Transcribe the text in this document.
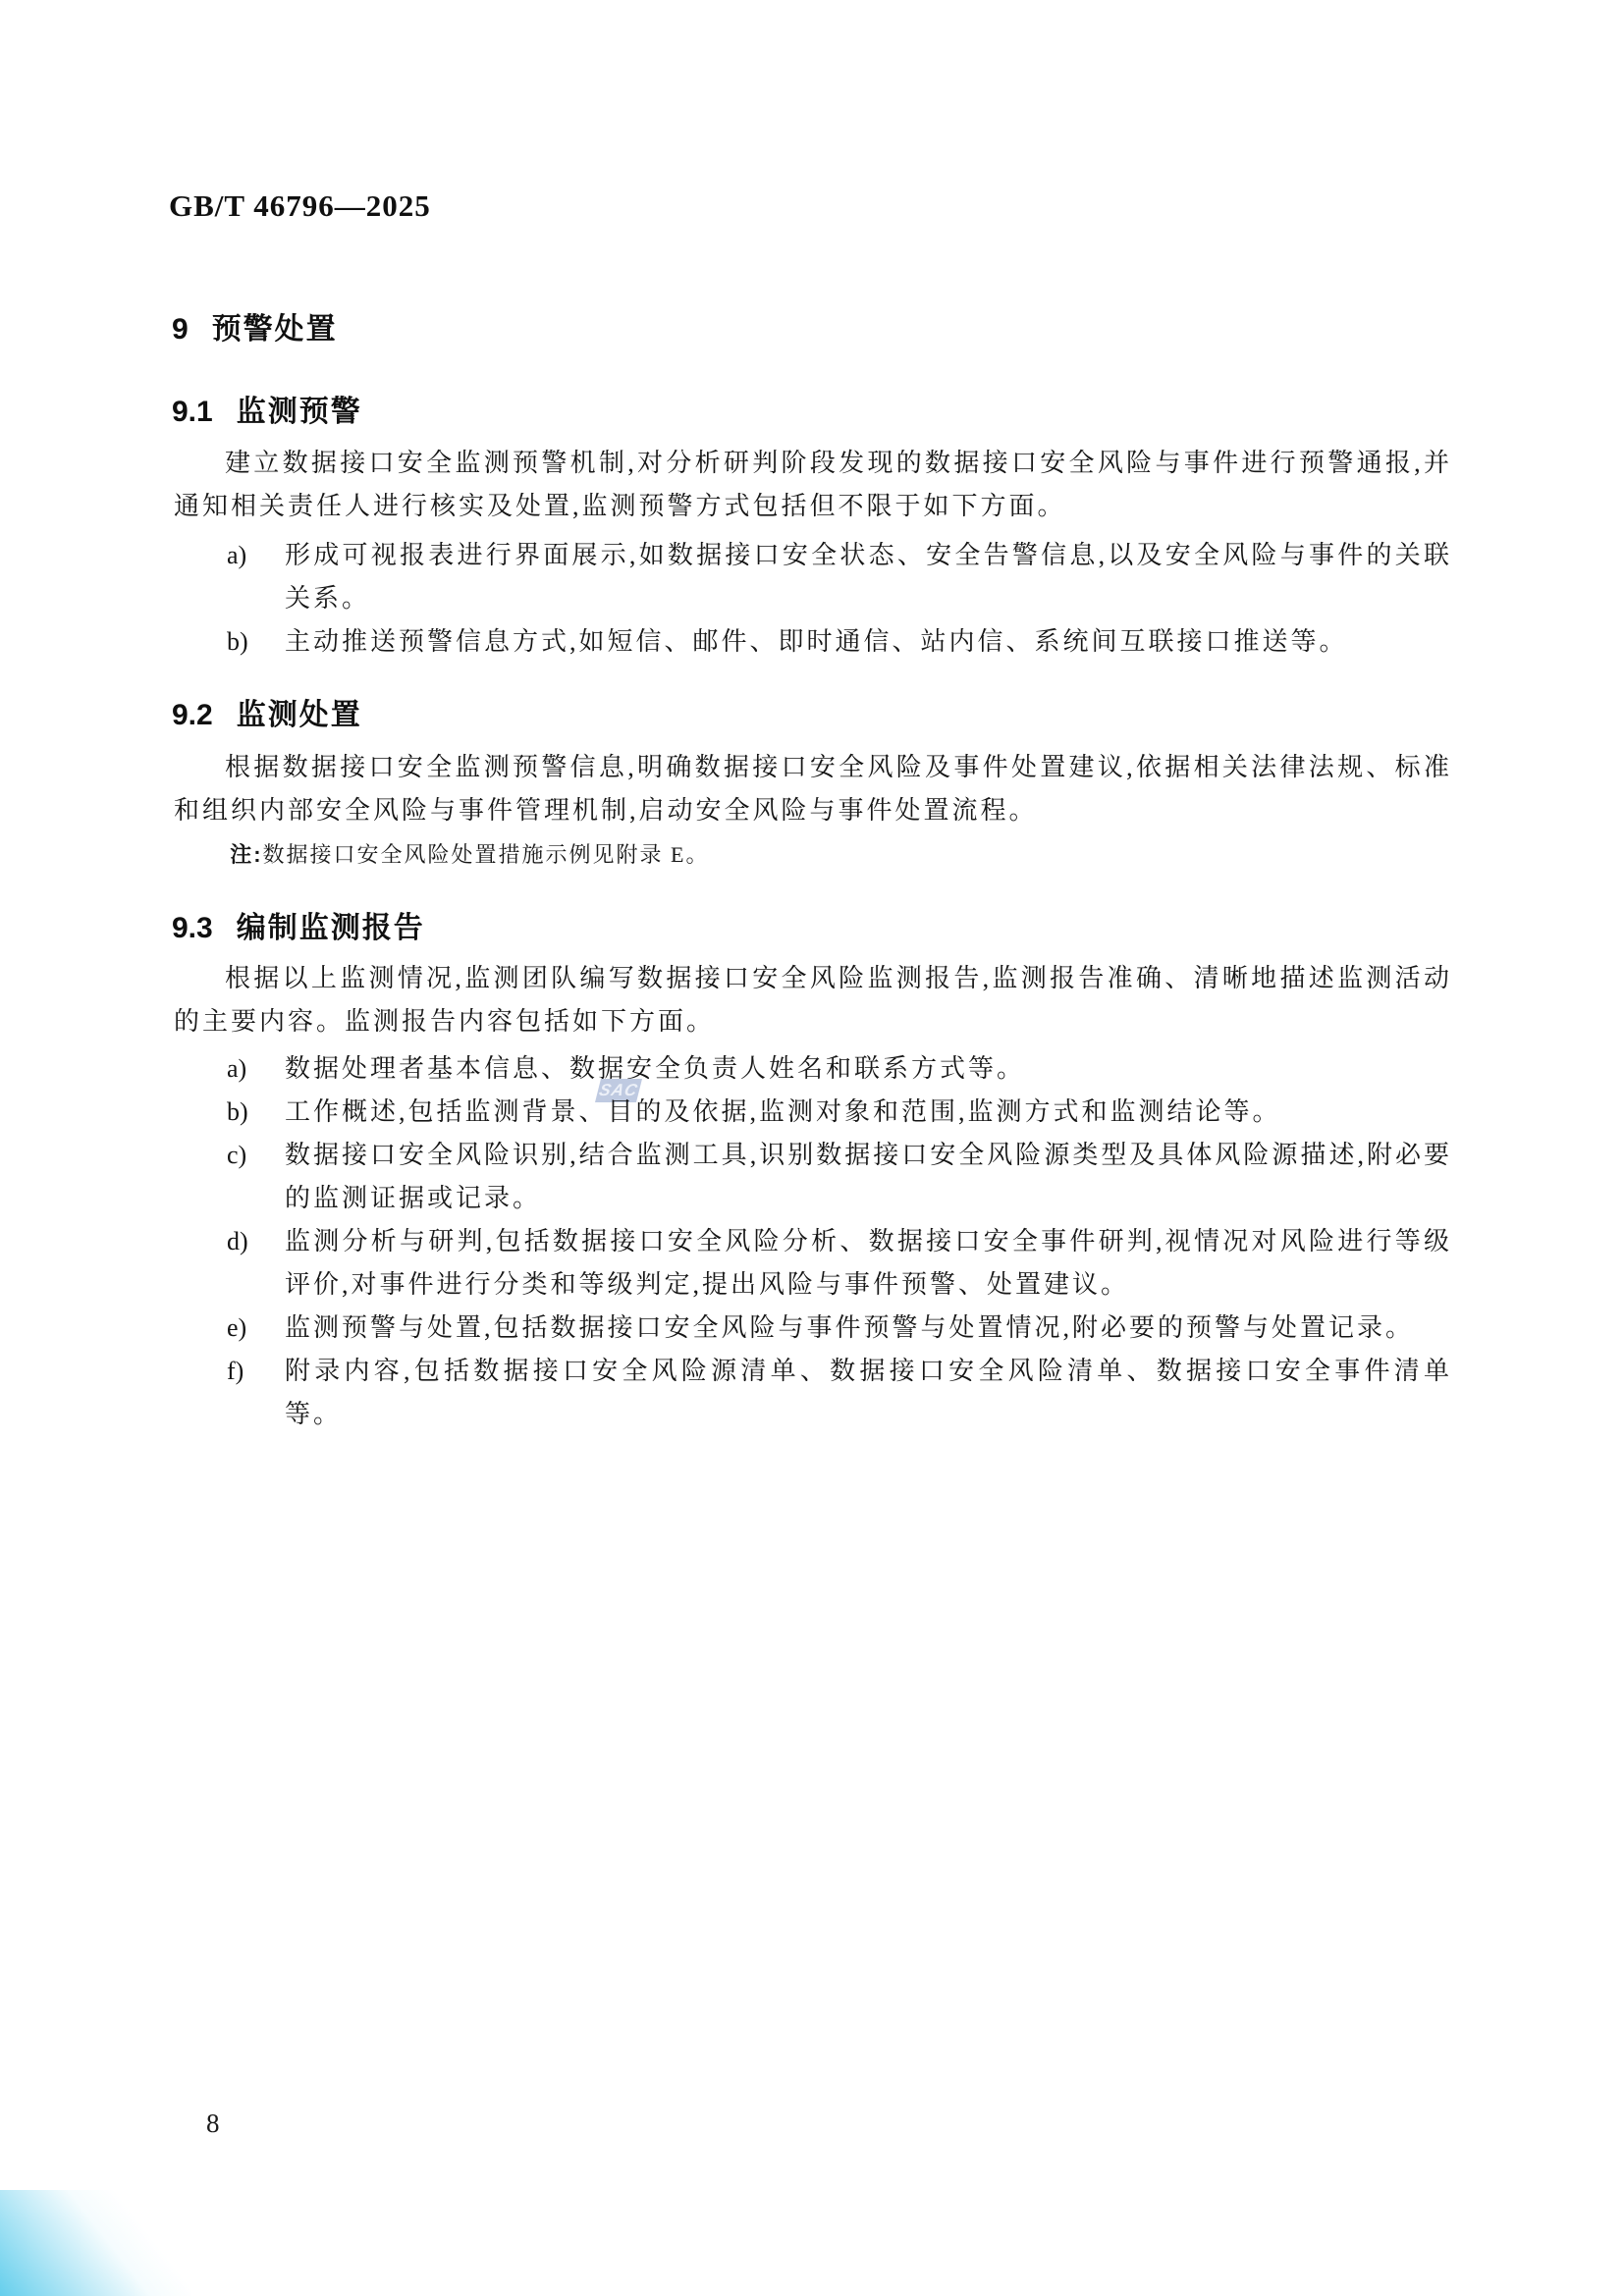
SAC
GB/T 46796—2025
9 预警处置
9.1 监测预警
建立数据接口安全监测预警机制,对分析研判阶段发现的数据接口安全风险与事件进行预警通报,并通知相关责任人进行核实及处置,监测预警方式包括但不限于如下方面。
a) 形成可视报表进行界面展示,如数据接口安全状态、安全告警信息,以及安全风险与事件的关联关系。
b) 主动推送预警信息方式,如短信、邮件、即时通信、站内信、系统间互联接口推送等。
9.2 监测处置
根据数据接口安全监测预警信息,明确数据接口安全风险及事件处置建议,依据相关法律法规、标准和组织内部安全风险与事件管理机制,启动安全风险与事件处置流程。
注:数据接口安全风险处置措施示例见附录 E。
9.3 编制监测报告
根据以上监测情况,监测团队编写数据接口安全风险监测报告,监测报告准确、清晰地描述监测活动的主要内容。监测报告内容包括如下方面。
a) 数据处理者基本信息、数据安全负责人姓名和联系方式等。
b) 工作概述,包括监测背景、目的及依据,监测对象和范围,监测方式和监测结论等。
c) 数据接口安全风险识别,结合监测工具,识别数据接口安全风险源类型及具体风险源描述,附必要的监测证据或记录。
d) 监测分析与研判,包括数据接口安全风险分析、数据接口安全事件研判,视情况对风险进行等级评价,对事件进行分类和等级判定,提出风险与事件预警、处置建议。
e) 监测预警与处置,包括数据接口安全风险与事件预警与处置情况,附必要的预警与处置记录。
f) 附录内容,包括数据接口安全风险源清单、数据接口安全风险清单、数据接口安全事件清单等。
8
